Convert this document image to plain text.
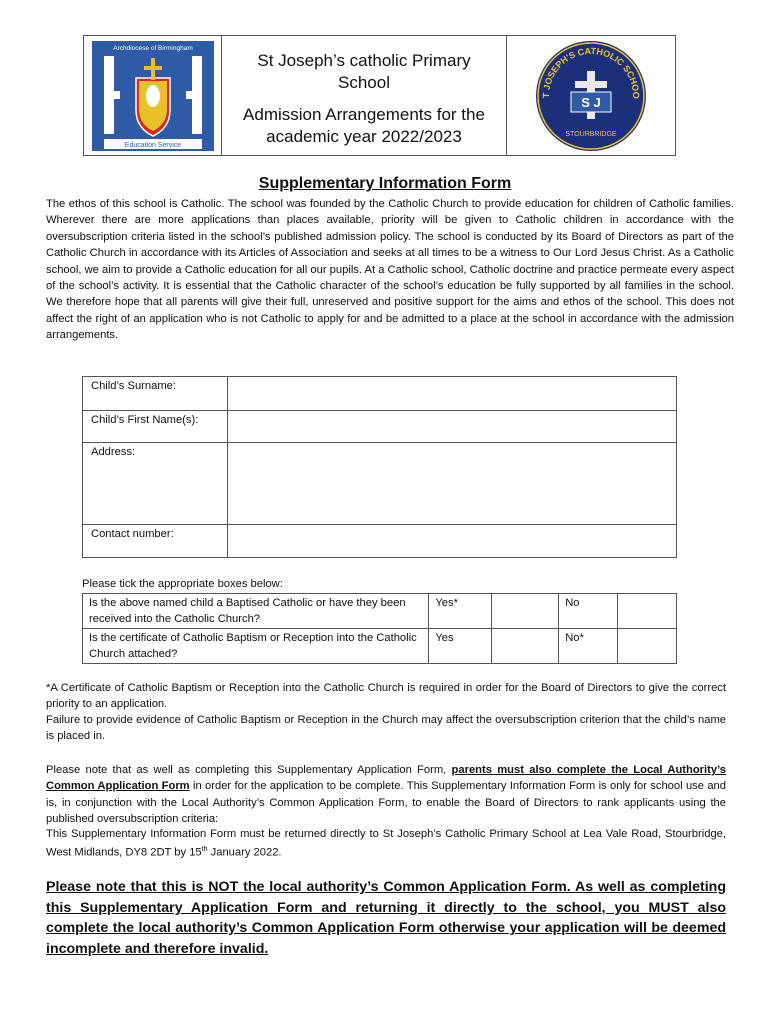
Archdiocese of Birmingham
Education Service
St Joseph’s catholic Primary
School
Admission Arrangements for the
academic year 2022/2023
T JOSEPH'S CATHOLIC SCHOO
S J
STOURBRIDGE
Supplementary Information Form
The ethos of this school is Catholic. The school was founded by the Catholic Church to provide education for children of Catholic families. Wherever there are more applications than places available, priority will be given to Catholic children in accordance with the oversubscription criteria listed in the school’s published admission policy. The school is conducted by its Board of Directors as part of the Catholic Church in accordance with its Articles of Association and seeks at all times to be a witness to Our Lord Jesus Christ. As a Catholic school, we aim to provide a Catholic education for all our pupils. At a Catholic school, Catholic doctrine and practice permeate every aspect of the school’s activity. It is essential that the Catholic character of the school’s education be fully supported by all families in the school. We therefore hope that all parents will give their full, unreserved and positive support for the aims and ethos of the school. This does not affect the right of an application who is not Catholic to apply for and be admitted to a place at the school in accordance with the admission arrangements.
Child’s Surname:	
Child’s First Name(s):	
Address:	
Contact number:	
Please tick the appropriate boxes below:
Is the above named child a Baptised Catholic or have they been received into the Catholic Church?	Yes*		No	
Is the certificate of Catholic Baptism or Reception into the Catholic Church attached?	Yes		No*	
*A Certificate of Catholic Baptism or Reception into the Catholic Church is required in order for the Board of Directors to give the correct priority to an application.
Failure to provide evidence of Catholic Baptism or Reception in the Church may affect the oversubscription criterion that the child’s name is placed in.
Please note that as well as completing this Supplementary Application Form, parents must also complete the Local Authority’s Common Application Form in order for the application to be complete. This Supplementary Information Form is only for school use and is, in conjunction with the Local Authority’s Common Application Form, to enable the Board of Directors to rank applicants using the published oversubscription criteria:
This Supplementary Information Form must be returned directly to St Joseph’s Catholic Primary School at Lea Vale Road, Stourbridge, West Midlands, DY8 2DT by 15th January 2022.
Please note that this is NOT the local authority’s Common Application Form. As well as completing this Supplementary Application Form and returning it directly to the school, you MUST also complete the local authority’s Common Application Form otherwise your application will be deemed incomplete and therefore invalid.
